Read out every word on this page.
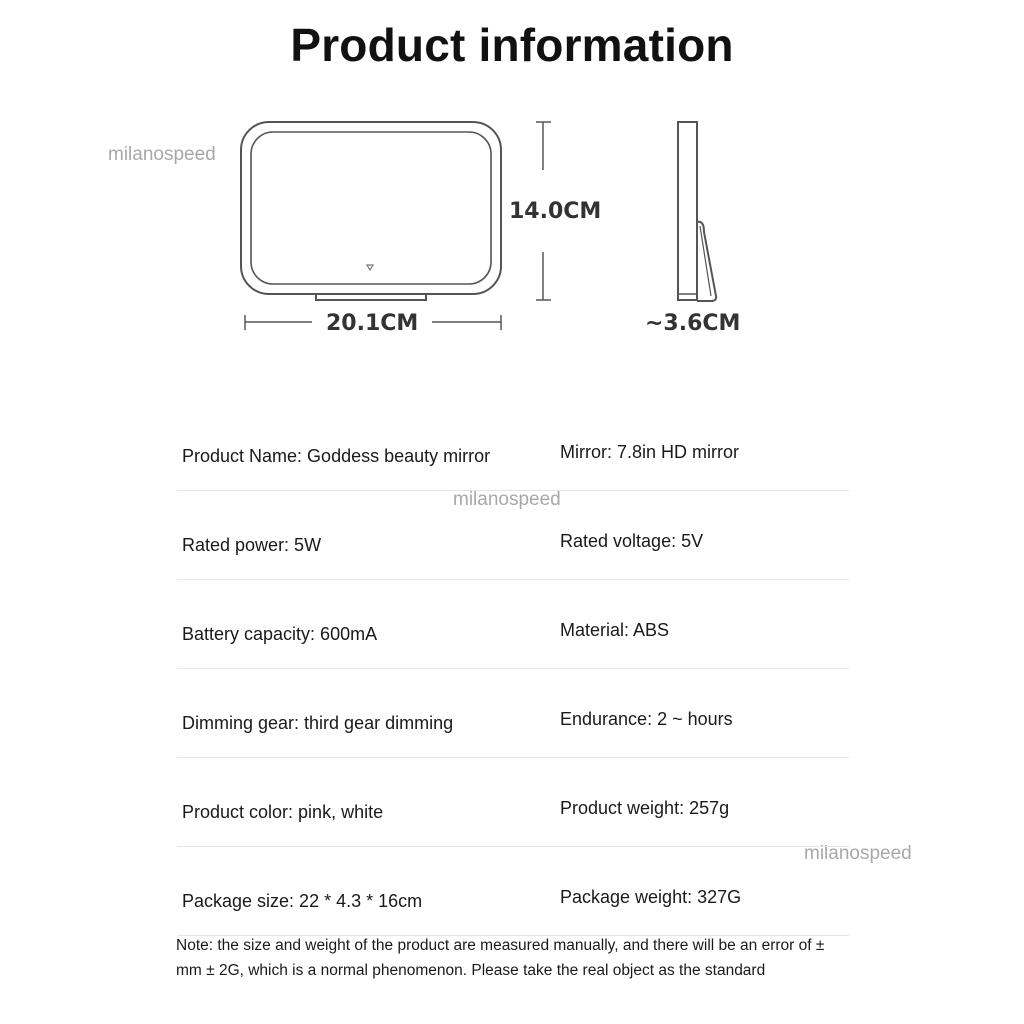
Product information
milanospeed
milanospeed
milanospeed
14.0CM
20.1CM	~3.6CM
Product Name: Goddess beauty mirror	Mirror: 7.8in HD mirror
Rated power: 5W	Rated voltage: 5V
Battery capacity: 600mA	Material: ABS
Dimming gear: third gear dimming	Endurance: 2 ~ hours
Product color: pink, white	Product weight: 257g
Package size: 22 * 4.3 * 16cm	Package weight: 327G
Note: the size and weight of the product are measured manually, and there will be an error of ± mm ± 2G, which is a normal phenomenon. Please take the real object as the standard
